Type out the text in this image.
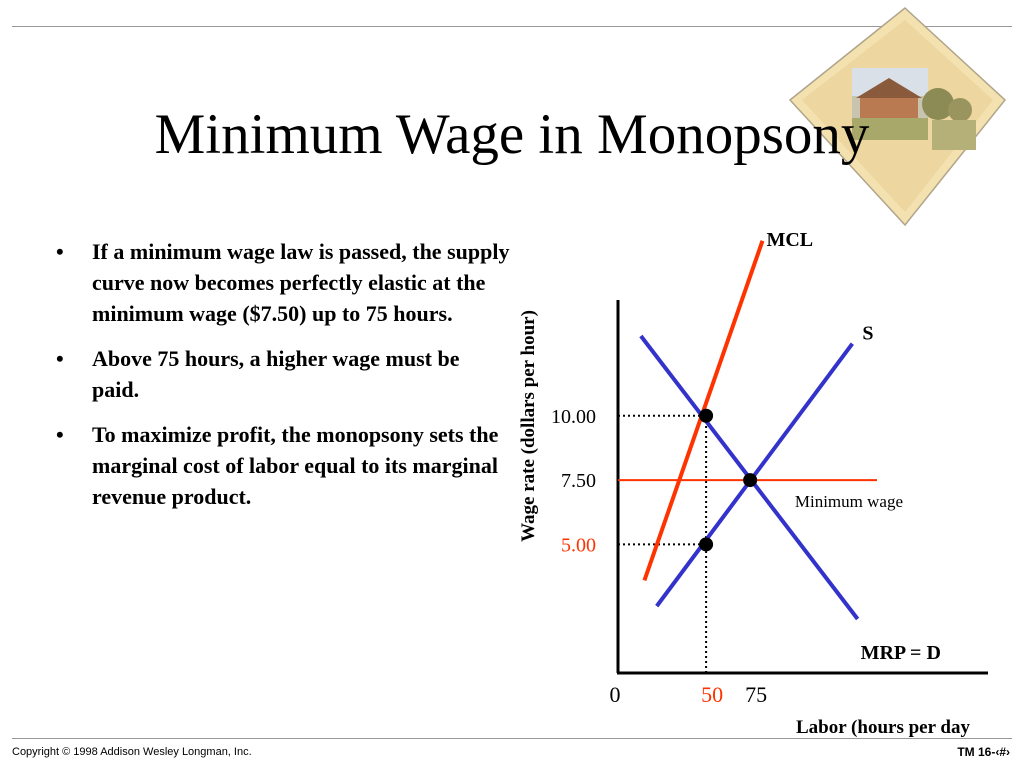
Minimum Wage in Monopsony
• If a minimum wage law is passed, the supply curve now becomes perfectly elastic at the minimum wage ($7.50) up to 75 hours.
• Above 75 hours, a higher wage must be paid.
• To maximize profit, the monopsony sets the marginal cost of labor equal to its marginal revenue product.	Minimum wage
MCL
S
MRP = D
10.00
7.50
5.00
0	50 75
Labor (hours per day
Wage rate (dollars per hour)
Copyright © 1998 Addison Wesley Longman, Inc.	TM 16-‹#›
